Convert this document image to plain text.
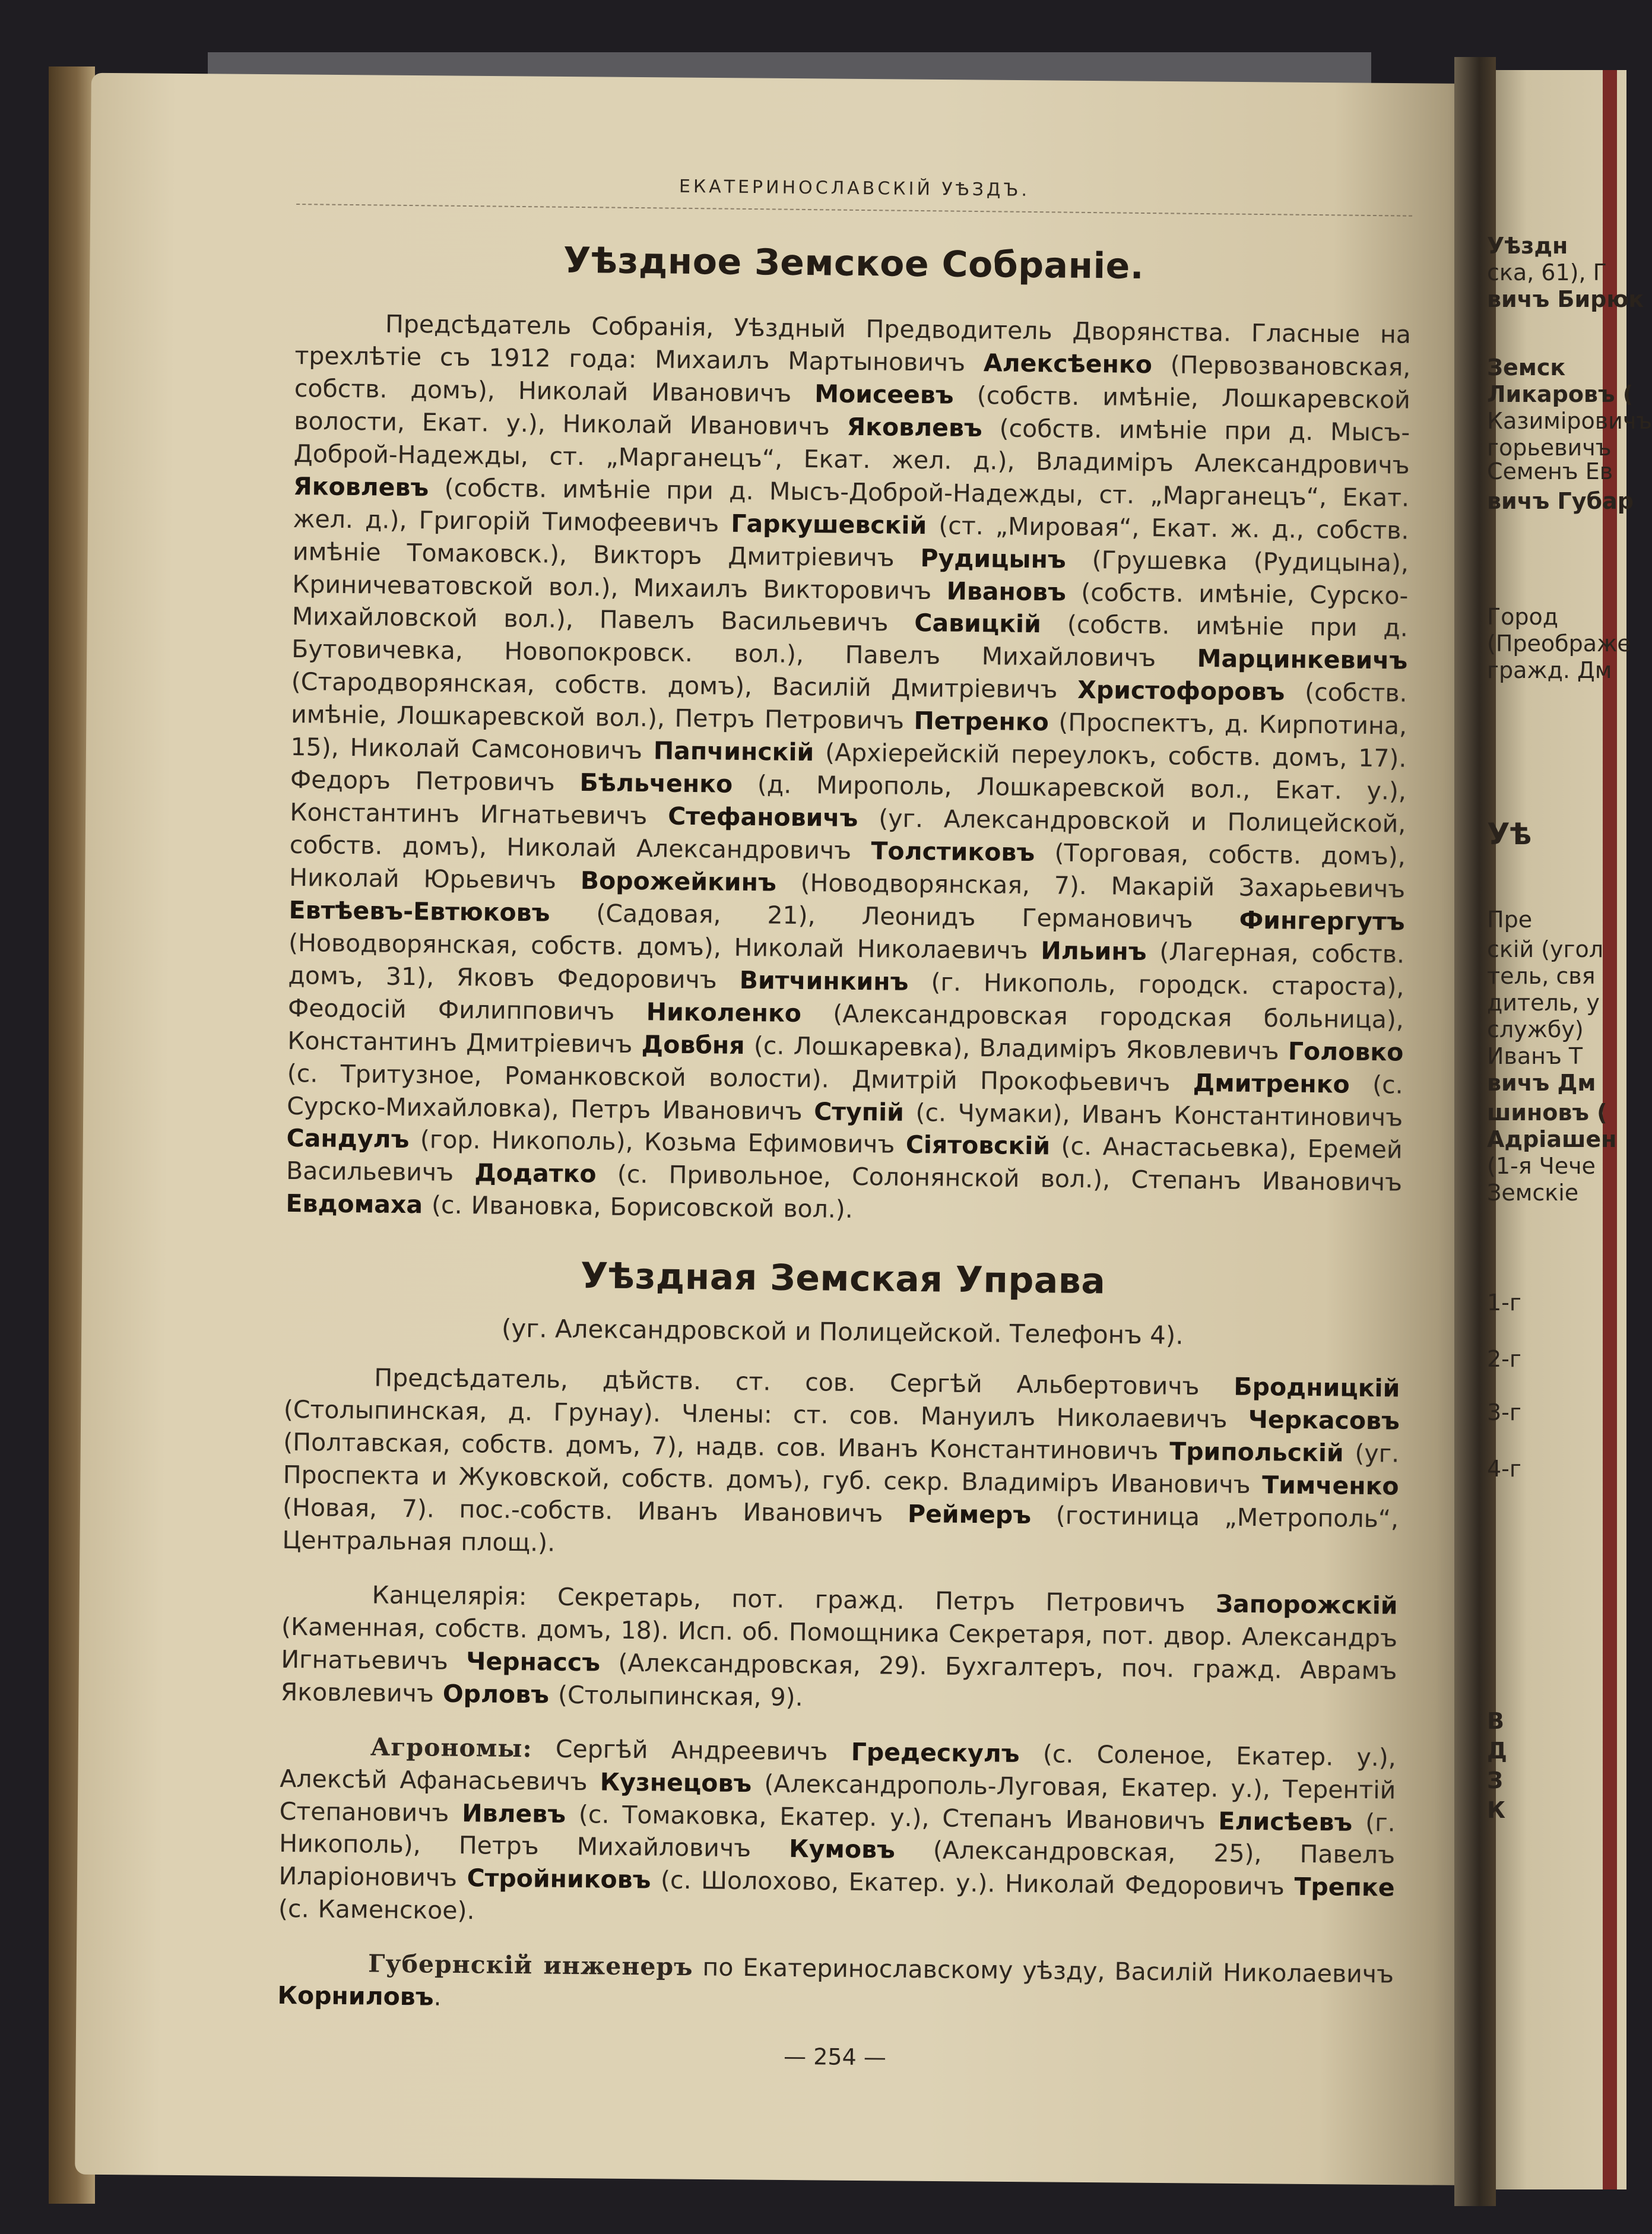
Уѣздн
ска, 61), Г
вичъ Бирюк
Земск
Ликаровъ (
Казиміровичъ
горьевичъ
Семенъ Ев
вичъ Губар
Город
(Преображе
гражд. Дм
Уѣ
Пре
скій (угол
тель, свя
дитель, у
службу)
Иванъ Т
вичъ Дм
шиновъ (
Адріашен
(1-я Чече
Земскіе
1-г
2-г
3-г
4-г
В
Д
З
К
ЕКАТЕРИНОСЛАВСКІЙ УѢЗДЪ.
Уѣздное Земское Собраніе.

Предсѣдатель Собранія, Уѣздный Предводитель Дворянства. Гласные на трехлѣтіе съ 1912 года: Михаилъ Мартыновичъ Алексѣенко (Первозвановская, собств. домъ), Николай Ивановичъ Моисеевъ (собств. имѣніе, Лошкаревской волости, Екат. у.), Николай Ивановичъ Яковлевъ (собств. имѣніе при д. Мысъ-Доброй-Надежды, ст. „Марганецъ“, Екат. жел. д.), Владиміръ Александровичъ Яковлевъ (собств. имѣніе при д. Мысъ-Доброй-Надежды, ст. „Марганецъ“, Екат. жел. д.), Григорій Тимофеевичъ Гаркушевскій (ст. „Мировая“, Екат. ж. д., собств. имѣніе Томаковск.), Викторъ Дмитріевичъ Рудицынъ (Грушевка (Рудицына), Криничеватовской вол.), Михаилъ Викторовичъ Ивановъ (собств. имѣніе, Сурско-Михайловской вол.), Павелъ Васильевичъ Савицкій (собств. имѣніе при д. Бутовичевка, Новопокровск. вол.), Павелъ Михайловичъ Марцинкевичъ (Стародворянская, собств. домъ), Василій Дмитріевичъ Христофоровъ (собств. имѣніе, Лошкаревской вол.), Петръ Петровичъ Петренко (Проспектъ, д. Кирпотина, 15), Николай Самсоновичъ Папчинскій (Архіерейскій переулокъ, собств. домъ, 17). Федоръ Петровичъ Бѣльченко (д. Мирополь, Лошкаревской вол., Екат. у.), Константинъ Игнатьевичъ Стефановичъ (уг. Александровской и Полицейской, собств. домъ), Николай Александровичъ Толстиковъ (Торговая, собств. домъ), Николай Юрьевичъ Ворожейкинъ (Новодворянская, 7). Макарій Захарьевичъ Евтѣевъ-Евтюковъ (Садовая, 21), Леонидъ Германовичъ Фингергутъ (Новодворянская, собств. домъ), Николай Николаевичъ Ильинъ (Лагерная, собств. домъ, 31), Яковъ Федоровичъ Витчинкинъ (г. Никополь, городск. староста), Феодосій Филипповичъ Николенко (Александровская городская больница), Константинъ Дмитріевичъ Довбня (с. Лошкаревка), Владиміръ Яковлевичъ Головко (с. Тритузное, Романковской волости). Дмитрій Прокофьевичъ Дмитренко (с. Сурско-Михайловка), Петръ Ивановичъ Ступій (с. Чумаки), Иванъ Константиновичъ Сандулъ (гор. Никополь), Козьма Ефимовичъ Сіятовскій (с. Анастасьевка), Еремей Васильевичъ Додатко (с. Привольное, Солонянской вол.), Степанъ Ивановичъ Евдомаха (с. Ивановка, Борисовской вол.).

Уѣздная Земская Управа

(уг. Александровской и Полицейской. Телефонъ 4).

Предсѣдатель, дѣйств. ст. сов. Сергѣй Альбертовичъ Бродницкій (Столыпинская, д. Грунау). Члены: ст. сов. Мануилъ Николаевичъ Черкасовъ (Полтавская, собств. домъ, 7), надв. сов. Иванъ Константиновичъ Трипольскій (уг. Проспекта и Жуковской, собств. домъ), губ. секр. Владиміръ Ивановичъ Тимченко (Новая, 7). пос.-собств. Иванъ Ивановичъ Реймеръ (гостиница „Метрополь“, Центральная площ.).

Канцелярія: Секретарь, пот. гражд. Петръ Петровичъ Запорожскій (Каменная, собств. домъ, 18). Исп. об. Помощника Секретаря, пот. двор. Александръ Игнатьевичъ Чернассъ (Александровская, 29). Бухгалтеръ, поч. гражд. Аврамъ Яковлевичъ Орловъ (Столыпинская, 9).

Агрономы: Сергѣй Андреевичъ Гредескулъ (с. Соленое, Екатер. у.), Алексѣй Афанасьевичъ Кузнецовъ (Александрополь-Луговая, Екатер. у.), Терентій Степановичъ Ивлевъ (с. Томаковка, Екатер. у.), Степанъ Ивановичъ Елисѣевъ (г. Никополь), Петръ Михайловичъ Кумовъ (Александровская, 25), Павелъ Иларіоновичъ Стройниковъ (с. Шолохово, Екатер. у.). Николай Федоровичъ Трепке (с. Каменское).

Губернскій инженеръ по Екатеринославскому уѣзду, Василій Николаевичъ Корниловъ.

— 254 —
